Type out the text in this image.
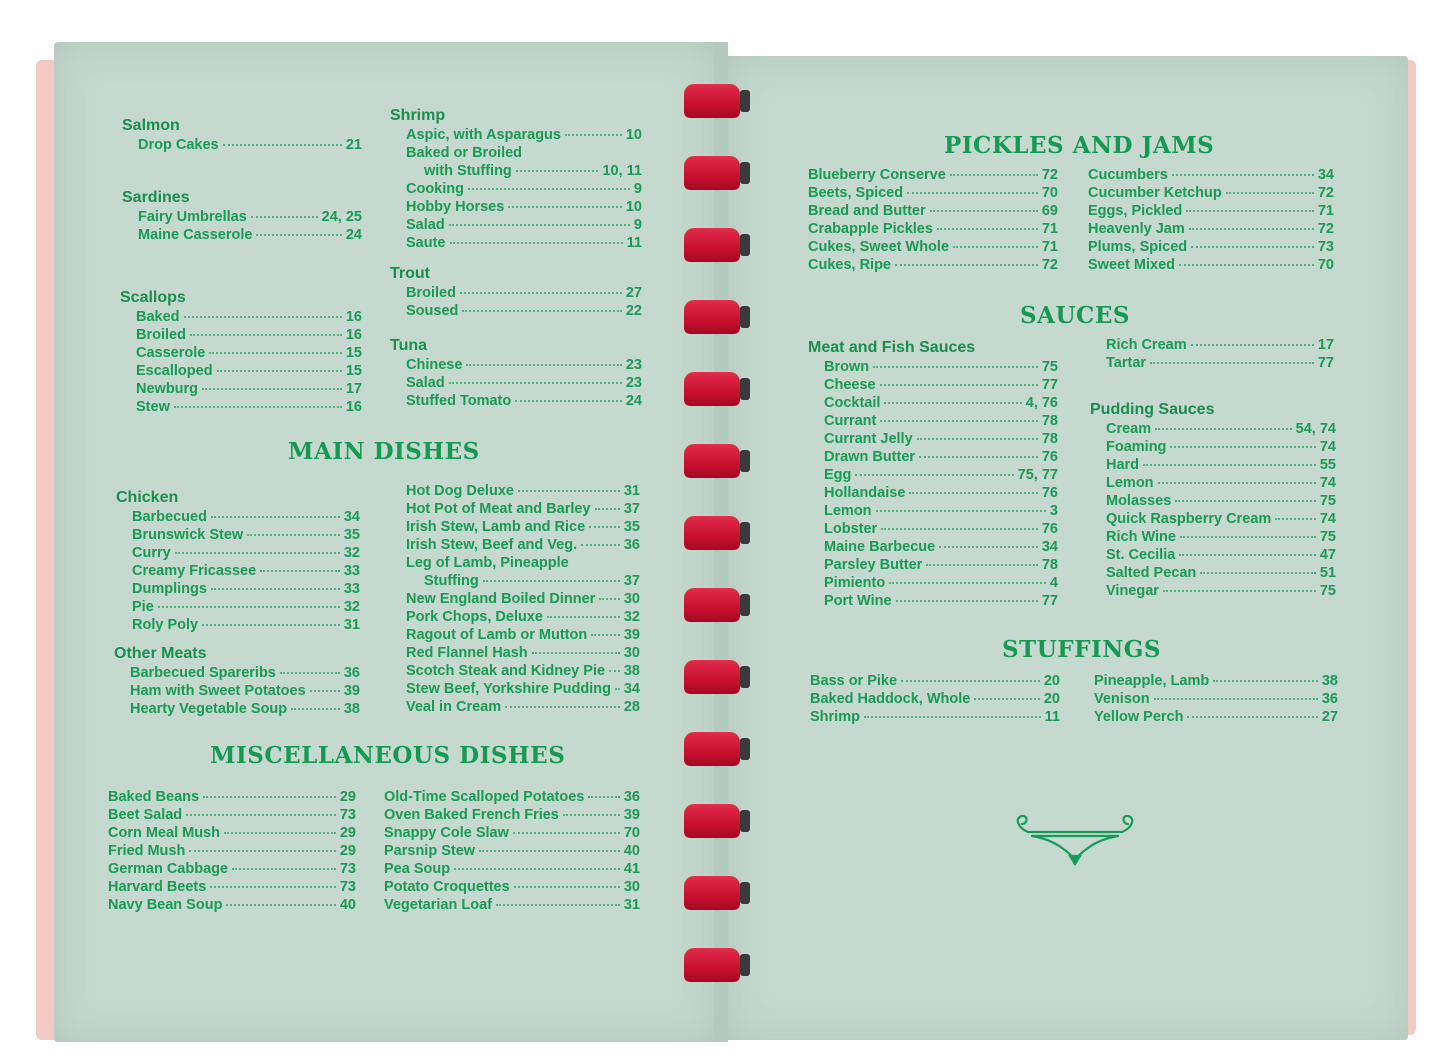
Salmon

Drop Cakes	21

Sardines

Fairy Umbrellas	24, 25
Maine Casserole	24

Scallops

Baked	16
Broiled	16
Casserole	15
Escalloped	15
Newburg	17
Stew	16

Shrimp

Aspic, with Asparagus	10
Baked or Broiled
with Stuffing	10, 11
Cooking	9
Hobby Horses	10
Salad	9
Saute	11

Trout

Broiled	27
Soused	22

Tuna

Chinese	23
Salad	23
Stuffed Tomato	24
MAIN DISHES

Chicken

Barbecued	34
Brunswick Stew	35
Curry	32
Creamy Fricassee	33
Dumplings	33
Pie	32
Roly Poly	31

Other Meats

Barbecued Spareribs	36
Ham with Sweet Potatoes	39
Hearty Vegetable Soup	38
Hot Dog Deluxe	31
Hot Pot of Meat and Barley 37
Irish Stew, Lamb and Rice	35
Irish Stew, Beef and Veg.	36
Leg of Lamb, Pineapple
Stuffing	37
New England Boiled Dinner 30
Pork Chops, Deluxe	32
Ragout of Lamb or Mutton	39
Red Flannel Hash	30
Scotch Steak and Kidney Pie 38
Stew Beef, Yorkshire Pudding 34
Veal in Cream	28
MISCELLANEOUS DISHES
Baked Beans	29
Beet Salad	73
Corn Meal Mush	29
Fried Mush	29
German Cabbage	73
Harvard Beets	73
Navy Bean Soup	40
Old-Time Scalloped Potatoes	36
Oven Baked French Fries	39
Snappy Cole Slaw	70
Parsnip Stew	40
Pea Soup	41
Potato Croquettes	30
Vegetarian Loaf	31
PICKLES AND JAMS
Blueberry Conserve	72
Beets, Spiced	70
Bread and Butter	69
Crabapple Pickles	71
Cukes, Sweet Whole	71
Cukes, Ripe	72
Cucumbers	34
Cucumber Ketchup	72
Eggs, Pickled	71
Heavenly Jam	72
Plums, Spiced	73
Sweet Mixed	70
SAUCES

Meat and Fish Sauces

Brown	75
Cheese	77
Cocktail	4, 76
Currant	78
Currant Jelly	78
Drawn Butter	76
Egg	75, 77
Hollandaise	76
Lemon	3
Lobster	76
Maine Barbecue	34
Parsley Butter	78
Pimiento	4
Port Wine	77
Rich Cream	17
Tartar	77

Pudding Sauces

Cream	54, 74
Foaming	74
Hard	55
Lemon	74
Molasses	75
Quick Raspberry Cream	74
Rich Wine	75
St. Cecilia	47
Salted Pecan	51
Vinegar	75
STUFFINGS
Bass or Pike	20
Baked Haddock, Whole	20
Shrimp	11
Pineapple, Lamb	38
Venison	36
Yellow Perch	27
